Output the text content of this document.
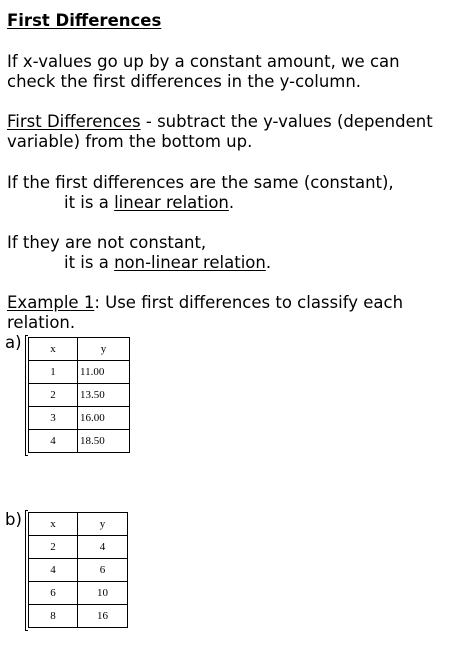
First Differences
If x-values go up by a constant amount, we can
check the first differences in the y-column.
First Differences - subtract the y-values (dependent
variable) from the bottom up.
If the first differences are the same (constant),
it is a linear relation.
If they are not constant,
it is a non-linear relation.
Example 1: Use first differences to classify each
relation.
a)	x	y
1	11.00
2	13.50
3	16.00
4	18.50
b)	x	y
2	4
4	6
6	10
8	16
